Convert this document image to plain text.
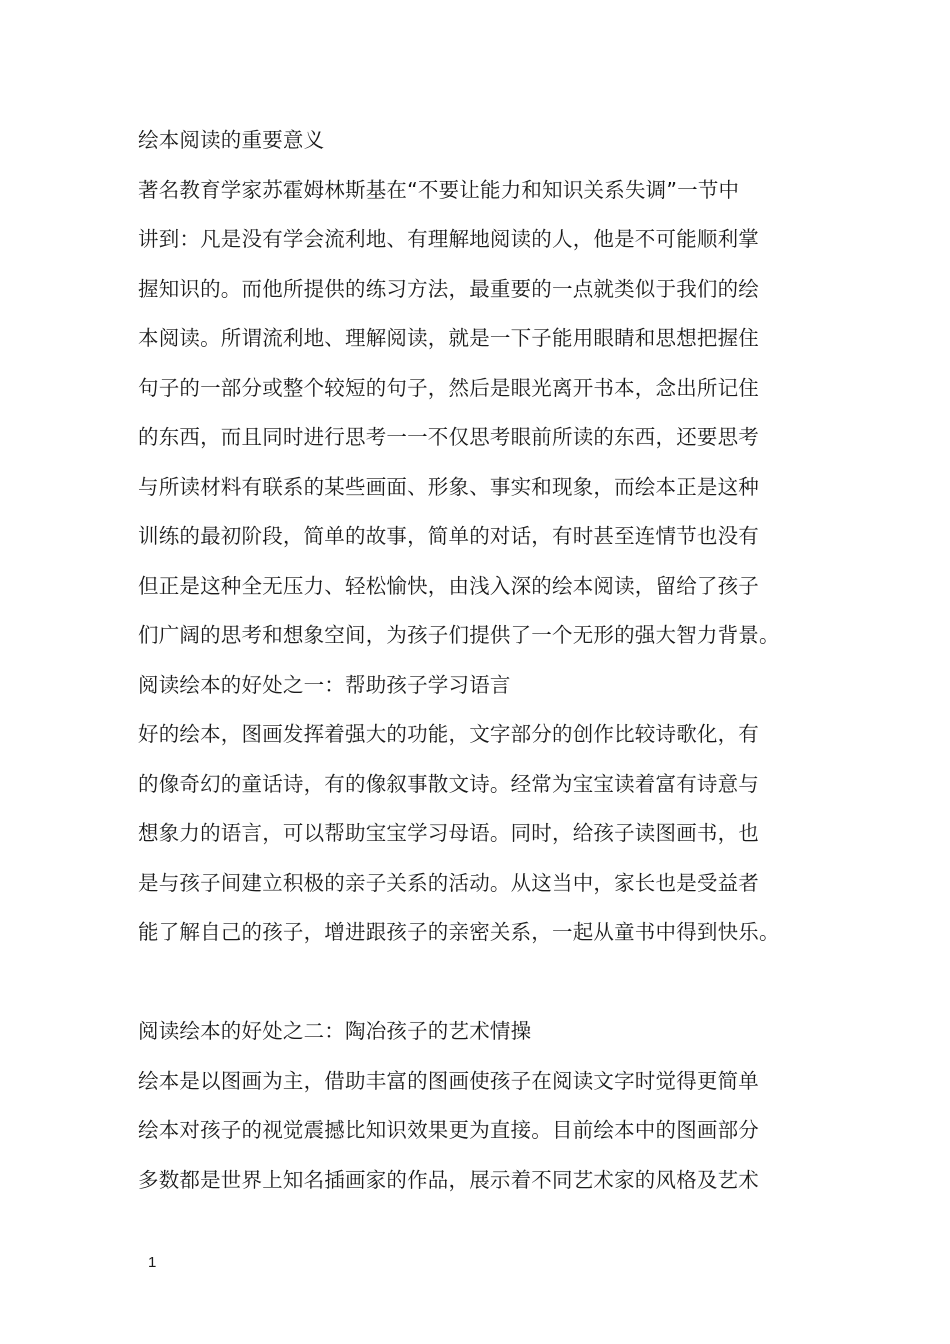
绘本阅读的重要意义
著名教育学家苏霍姆林斯基在“不要让能力和知识关系失调”一节中
讲到：凡是没有学会流利地、有理解地阅读的人，他是不可能顺利掌
握知识的。而他所提供的练习方法，最重要的一点就类似于我们的绘
本阅读。所谓流利地、理解阅读，就是一下子能用眼睛和思想把握住
句子的一部分或整个较短的句子，然后是眼光离开书本，念出所记住
的东西，而且同时进行思考一一不仅思考眼前所读的东西，还要思考
与所读材料有联系的某些画面、形象、事实和现象，而绘本正是这种
训练的最初阶段，简单的故事，简单的对话，有时甚至连情节也没有
但正是这种全无压力、轻松愉快，由浅入深的绘本阅读，留给了孩子
们广阔的思考和想象空间，为孩子们提供了一个无形的强大智力背景。
阅读绘本的好处之一：帮助孩子学习语言
好的绘本，图画发挥着强大的功能，文字部分的创作比较诗歌化，有
的像奇幻的童话诗，有的像叙事散文诗。经常为宝宝读着富有诗意与
想象力的语言，可以帮助宝宝学习母语。同时，给孩子读图画书，也
是与孩子间建立积极的亲子关系的活动。从这当中，家长也是受益者
能了解自己的孩子，增进跟孩子的亲密关系，一起从童书中得到快乐。
阅读绘本的好处之二：陶冶孩子的艺术情操
绘本是以图画为主，借助丰富的图画使孩子在阅读文字时觉得更简单
绘本对孩子的视觉震撼比知识效果更为直接。目前绘本中的图画部分
多数都是世界上知名插画家的作品，展示着不同艺术家的风格及艺术
1
